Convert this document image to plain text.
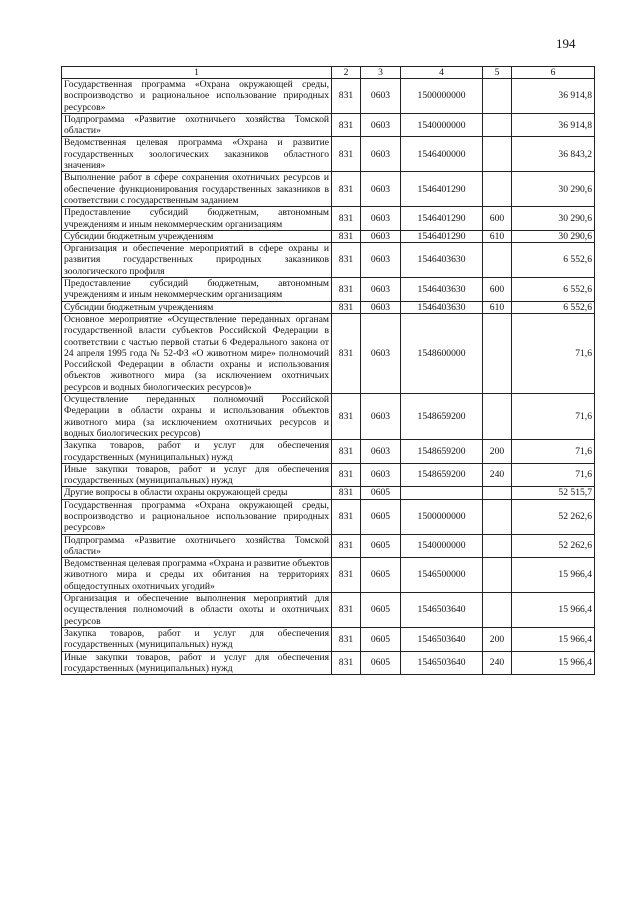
194
1	2	3	4	5	6
Государственная программа «Охрана окружающей среды, воспроизводство и рациональное использование природных ресурсов»	831	0603	1500000000		36 914,8
Подпрограмма «Развитие охотничьего хозяйства Томской области»	831	0603	1540000000		36 914,8
Ведомственная целевая программа «Охрана и развитие государственных зоологических заказников областного значения»	831	0603	1546400000		36 843,2
Выполнение работ в сфере сохранения охотничьих ресурсов и обеспечение функционирования государственных заказников в соответствии с государственным заданием	831	0603	1546401290		30 290,6
Предоставление субсидий бюджетным, автономным учреждениям и иным некоммерческим организациям	831	0603	1546401290	600	30 290,6
Субсидии бюджетным учреждениям	831	0603	1546401290	610	30 290,6
Организация и обеспечение мероприятий в сфере охраны и развития государственных природных заказников зоологического профиля	831	0603	1546403630		6 552,6
Предоставление субсидий бюджетным, автономным учреждениям и иным некоммерческим организациям	831	0603	1546403630	600	6 552,6
Субсидии бюджетным учреждениям	831	0603	1546403630	610	6 552,6
Основное мероприятие «Осуществление переданных органам государственной власти субъектов Российской Федерации в соответствии с частью первой статьи 6 Федерального закона от 24 апреля 1995 года № 52-ФЗ «О животном мире» полномочий Российской Федерации в области охраны и использования объектов животного мира (за исключением охотничьих ресурсов и водных биологических ресурсов)»	831	0603	1548600000		71,6
Осуществление переданных полномочий Российской Федерации в области охраны и использования объектов животного мира (за исключением охотничьих ресурсов и водных биологических ресурсов)	831	0603	1548659200		71,6
Закупка товаров, работ и услуг для обеспечения государственных (муниципальных) нужд	831	0603	1548659200	200	71,6
Иные закупки товаров, работ и услуг для обеспечения государственных (муниципальных) нужд	831	0603	1548659200	240	71,6
Другие вопросы в области охраны окружающей среды	831	0605			52 515,7
Государственная программа «Охрана окружающей среды, воспроизводство и рациональное использование природных ресурсов»	831	0605	1500000000		52 262,6
Подпрограмма «Развитие охотничьего хозяйства Томской области»	831	0605	1540000000		52 262,6
Ведомственная целевая программа «Охрана и развитие объектов животного мира и среды их обитания на территориях общедоступных охотничьих угодий»	831	0605	1546500000		15 966,4
Организация и обеспечение выполнения мероприятий для осуществления полномочий в области охоты и охотничьих ресурсов	831	0605	1546503640		15 966,4
Закупка товаров, работ и услуг для обеспечения государственных (муниципальных) нужд	831	0605	1546503640	200	15 966,4
Иные закупки товаров, работ и услуг для обеспечения государственных (муниципальных) нужд	831	0605	1546503640	240	15 966,4
